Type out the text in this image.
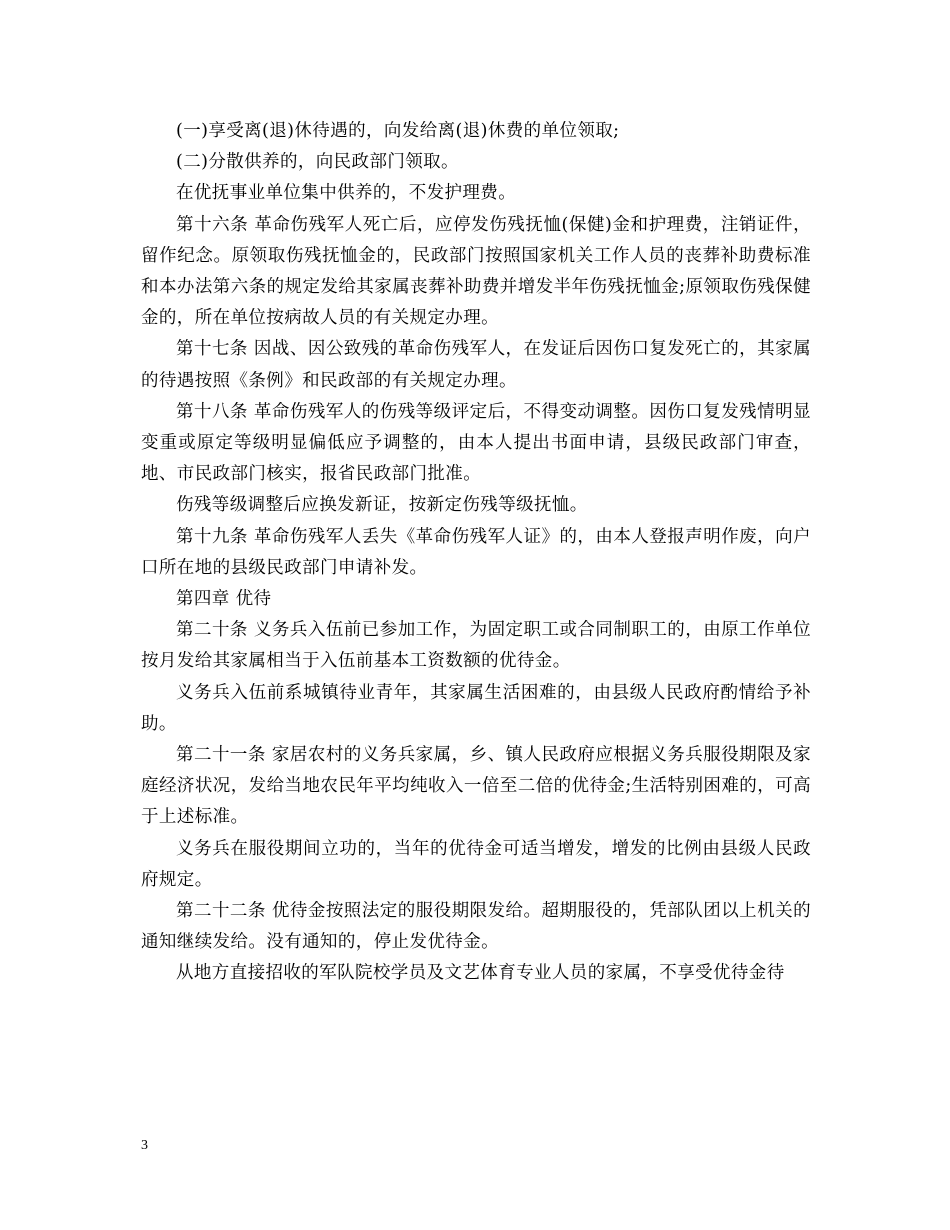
(一)享受离(退)休待遇的，向发给离(退)休费的单位领取;

(二)分散供养的，向民政部门领取。

在优抚事业单位集中供养的，不发护理费。

第十六条 革命伤残军人死亡后，应停发伤残抚恤(保健)金和护理费，注销证件，留作纪念。原领取伤残抚恤金的，民政部门按照国家机关工作人员的丧葬补助费标准和本办法第六条的规定发给其家属丧葬补助费并增发半年伤残抚恤金;原领取伤残保健金的，所在单位按病故人员的有关规定办理。

第十七条 因战、因公致残的革命伤残军人，在发证后因伤口复发死亡的，其家属的待遇按照《条例》和民政部的有关规定办理。

第十八条 革命伤残军人的伤残等级评定后，不得变动调整。因伤口复发残情明显变重或原定等级明显偏低应予调整的，由本人提出书面申请，县级民政部门审查，地、市民政部门核实，报省民政部门批准。

伤残等级调整后应换发新证，按新定伤残等级抚恤。

第十九条 革命伤残军人丢失《革命伤残军人证》的，由本人登报声明作废，向户口所在地的县级民政部门申请补发。

第四章 优待

第二十条 义务兵入伍前已参加工作，为固定职工或合同制职工的，由原工作单位按月发给其家属相当于入伍前基本工资数额的优待金。

义务兵入伍前系城镇待业青年，其家属生活困难的，由县级人民政府酌情给予补助。

第二十一条 家居农村的义务兵家属，乡、镇人民政府应根据义务兵服役期限及家庭经济状况，发给当地农民年平均纯收入一倍至二倍的优待金;生活特别困难的，可高于上述标准。

义务兵在服役期间立功的，当年的优待金可适当增发，增发的比例由县级人民政府规定。

第二十二条 优待金按照法定的服役期限发给。超期服役的，凭部队团以上机关的通知继续发给。没有通知的，停止发优待金。

从地方直接招收的军队院校学员及文艺体育专业人员的家属，不享受优待金待

3
